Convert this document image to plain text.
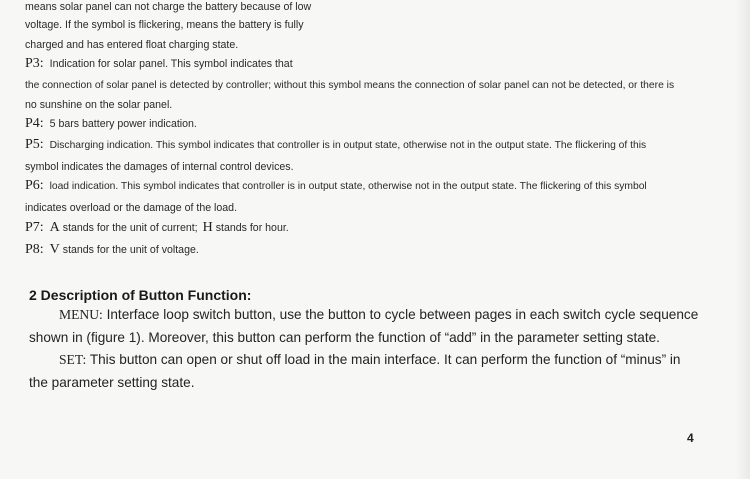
means solar panel can not charge the battery because of low
voltage. If the symbol is flickering, means the battery is fully
charged and has entered float charging state.
P3: Indication for solar panel. This symbol indicates that
the connection of solar panel is detected by controller; without this symbol means the connection of solar panel can not be detected, or there is
no sunshine on the solar panel.
P4: 5 bars battery power indication.
P5: Discharging indication. This symbol indicates that controller is in output state, otherwise not in the output state. The flickering of this
symbol indicates the damages of internal control devices.
P6: load indication. This symbol indicates that controller is in output state, otherwise not in the output state. The flickering of this symbol
indicates overload or the damage of the load.
P7: A stands for the unit of current; H stands for hour.
P8: V stands for the unit of voltage.
2 Description of Button Function:
MENU: Interface loop switch button, use the button to cycle between pages in each switch cycle sequence
shown in (figure 1). Moreover, this button can perform the function of “add” in the parameter setting state.
SET: This button can open or shut off load in the main interface. It can perform the function of “minus” in
the parameter setting state.
4
